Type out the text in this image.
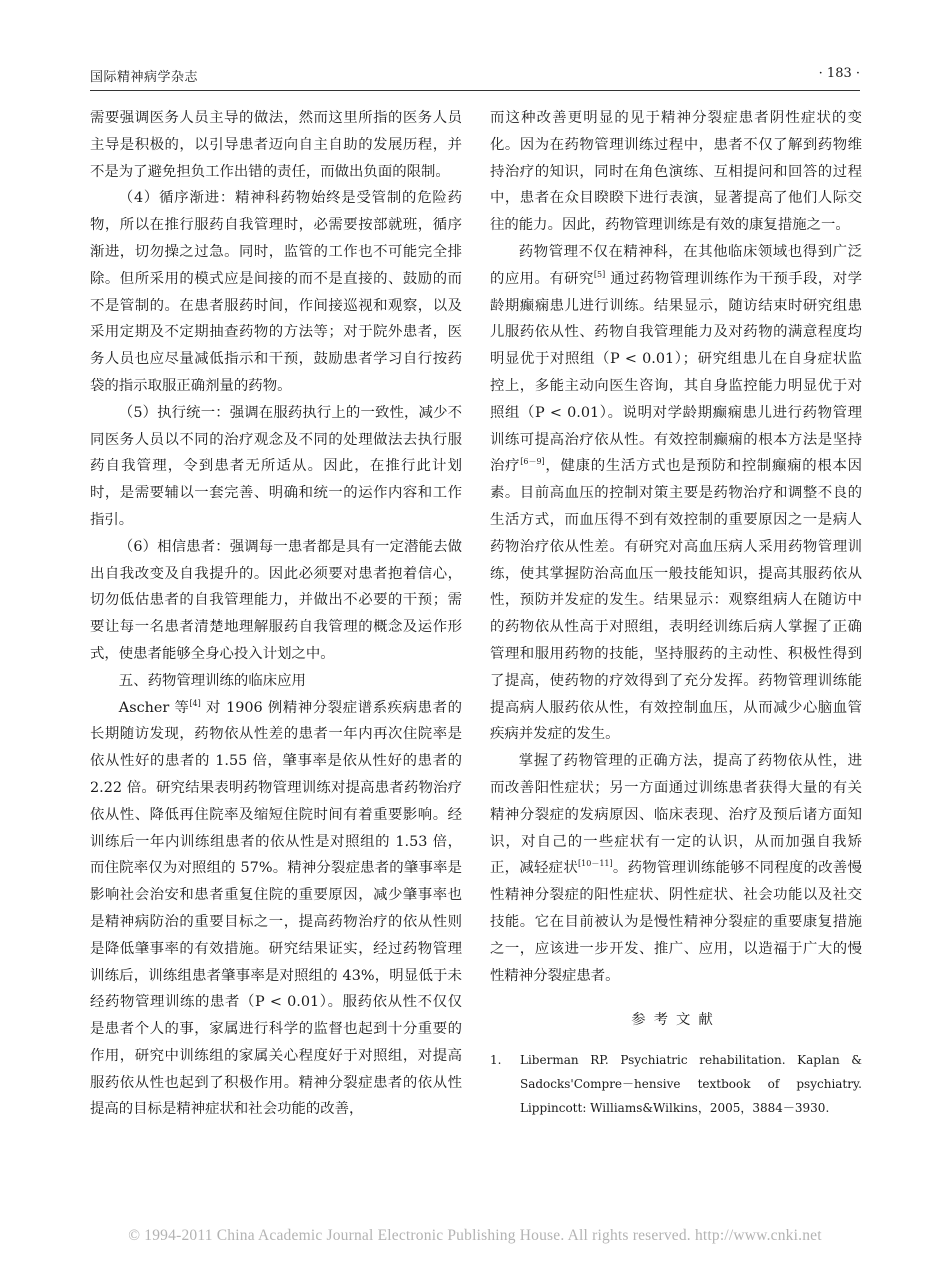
国际精神病学杂志	· 183 ·

需要强调医务人员主导的做法，然而这里所指的医务人员主导是积极的，以引导患者迈向自主自助的发展历程，并不是为了避免担负工作出错的责任，而做出负面的限制。

（4）循序渐进：精神科药物始终是受管制的危险药物，所以在推行服药自我管理时，必需要按部就班，循序渐进，切勿操之过急。同时，监管的工作也不可能完全排除。但所采用的模式应是间接的而不是直接的、鼓励的而不是管制的。在患者服药时间，作间接巡视和观察，以及采用定期及不定期抽查药物的方法等；对于院外患者，医务人员也应尽量减低指示和干预，鼓励患者学习自行按药袋的指示取服正确剂量的药物。

（5）执行统一：强调在服药执行上的一致性，减少不同医务人员以不同的治疗观念及不同的处理做法去执行服药自我管理，令到患者无所适从。因此，在推行此计划时，是需要辅以一套完善、明确和统一的运作内容和工作指引。

（6）相信患者：强调每一患者都是具有一定潜能去做出自我改变及自我提升的。因此必须要对患者抱着信心，切勿低估患者的自我管理能力，并做出不必要的干预；需要让每一名患者清楚地理解服药自我管理的概念及运作形式，使患者能够全身心投入计划之中。

五、药物管理训练的临床应用

Ascher 等[4] 对 1906 例精神分裂症谱系疾病患者的长期随访发现，药物依从性差的患者一年内再次住院率是依从性好的患者的 1.55 倍，肇事率是依从性好的患者的 2.22 倍。研究结果表明药物管理训练对提高患者药物治疗依从性、降低再住院率及缩短住院时间有着重要影响。经训练后一年内训练组患者的依从性是对照组的 1.53 倍，而住院率仅为对照组的 57%。精神分裂症患者的肇事率是影响社会治安和患者重复住院的重要原因，减少肇事率也是精神病防治的重要目标之一，提高药物治疗的依从性则是降低肇事率的有效措施。研究结果证实，经过药物管理训练后，训练组患者肇事率是对照组的 43%，明显低于未经药物管理训练的患者（P < 0.01）。服药依从性不仅仅是患者个人的事，家属进行科学的监督也起到十分重要的作用，研究中训练组的家属关心程度好于对照组，对提高服药依从性也起到了积极作用。精神分裂症患者的依从性提高的目标是精神症状和社会功能的改善，

而这种改善更明显的见于精神分裂症患者阴性症状的变化。因为在药物管理训练过程中，患者不仅了解到药物维持治疗的知识，同时在角色演练、互相提问和回答的过程中，患者在众目睽睽下进行表演，显著提高了他们人际交往的能力。因此，药物管理训练是有效的康复措施之一。

药物管理不仅在精神科，在其他临床领域也得到广泛的应用。有研究[5] 通过药物管理训练作为干预手段，对学龄期癫痫患儿进行训练。结果显示，随访结束时研究组患儿服药依从性、药物自我管理能力及对药物的满意程度均明显优于对照组（P < 0.01）；研究组患儿在自身症状监控上，多能主动向医生咨询，其自身监控能力明显优于对照组（P < 0.01）。说明对学龄期癫痫患儿进行药物管理训练可提高治疗依从性。有效控制癫痫的根本方法是坚持治疗[6－9]，健康的生活方式也是预防和控制癫痫的根本因素。目前高血压的控制对策主要是药物治疗和调整不良的生活方式，而血压得不到有效控制的重要原因之一是病人药物治疗依从性差。有研究对高血压病人采用药物管理训练，使其掌握防治高血压一般技能知识，提高其服药依从性，预防并发症的发生。结果显示：观察组病人在随访中的药物依从性高于对照组，表明经训练后病人掌握了正确管理和服用药物的技能，坚持服药的主动性、积极性得到了提高，使药物的疗效得到了充分发挥。药物管理训练能提高病人服药依从性，有效控制血压，从而减少心脑血管疾病并发症的发生。

掌握了药物管理的正确方法，提高了药物依从性，进而改善阳性症状；另一方面通过训练患者获得大量的有关精神分裂症的发病原因、临床表现、治疗及预后诸方面知识，对自己的一些症状有一定的认识，从而加强自我矫正，减轻症状[10－11]。药物管理训练能够不同程度的改善慢性精神分裂症的阳性症状、阴性症状、社会功能以及社交技能。它在目前被认为是慢性精神分裂症的重要康复措施之一，应该进一步开发、推广、应用，以造福于广大的慢性精神分裂症患者。

参考文献
1.	Liberman RP. Psychiatric rehabilitation. Kaplan & Sadocks'Compre－hensive textbook of psychiatry. Lippincott: Williams&Wilkins，2005，3884－3930.
© 1994-2011 China Academic Journal Electronic Publishing House. All rights reserved. http://www.cnki.net
